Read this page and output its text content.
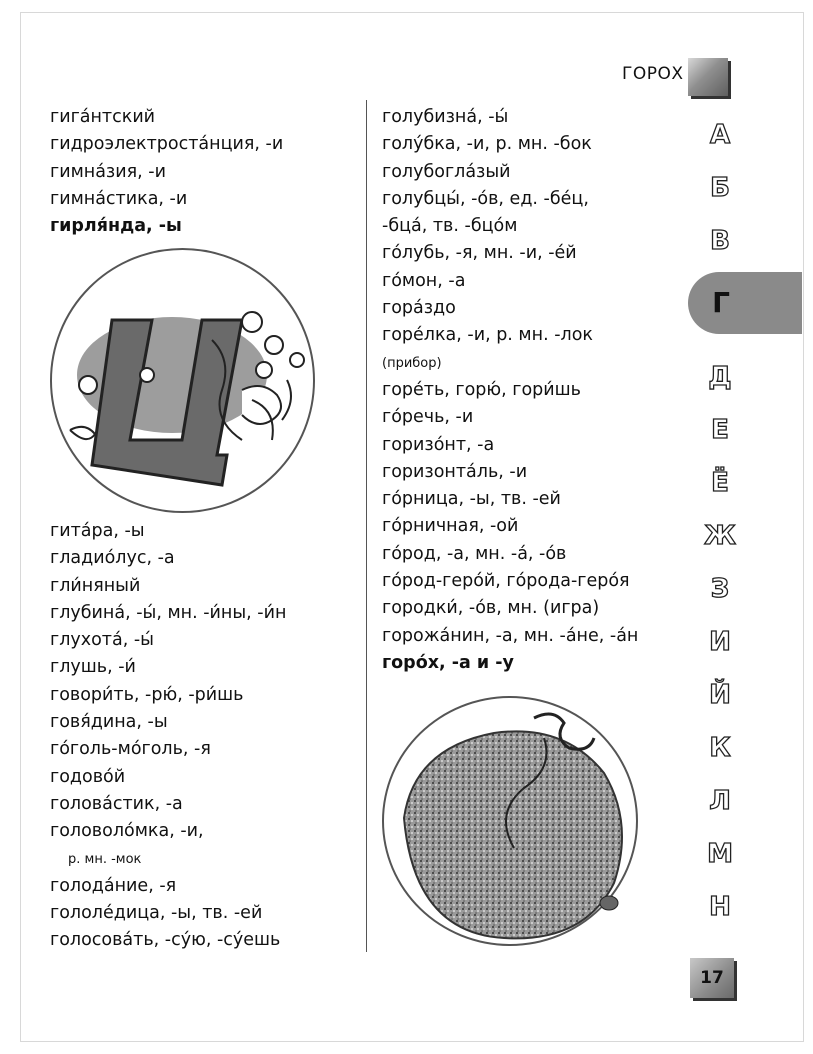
ГОРОХ
гига́нтский
гидроэлектроста́нция, -и
гимна́зия, -и
гимна́стика, -и
гирля́нда, -ы
Щ
гита́ра, -ы
гладио́лус, -а
гли́няный
глубина́, -ы́, мн. -и́ны, -и́н
глухота́, -ы́
глушь, -и́
говори́ть, -рю́, -ри́шь
говя́дина, -ы
го́голь-мо́голь, -я
годово́й
голова́стик, -а
головоло́мка, -и,
р. мн. -мок
голода́ние, -я
гололе́дица, -ы, тв. -ей
голосова́ть, -су́ю, -су́ешь
голубизна́, -ы́
голу́бка, -и, р. мн. -бок
голубогла́зый
голубцы́, -о́в, ед. -бе́ц,
-бца́, тв. -бцо́м
го́лубь, -я, мн. -и, -е́й
го́мон, -а
гора́здо
горе́лка, -и, р. мн. -лок
(прибор)
горе́ть, горю́, гори́шь
го́речь, -и
горизо́нт, -а
горизонта́ль, -и
го́рница, -ы, тв. -ей
го́рничная, -ой
го́род, -а, мн. -а́, -о́в
го́род-геро́й, го́рода-геро́я
городки́, -о́в, мн. (игра)
горожа́нин, -а, мн. -а́не, -а́н
горо́х, -а и -у
Г
А
Б
В
Д
Е
Ё
Ж
З
И
Й
К
Л
М
Н
17
